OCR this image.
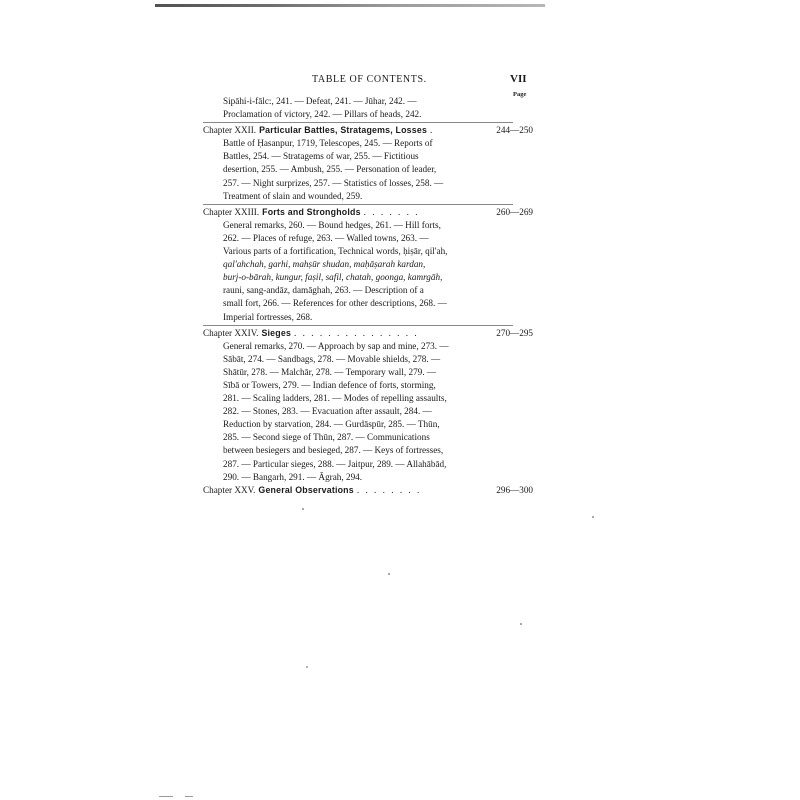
TABLE OF CONTENTS.	VII
Page
Sipāhi-i-fālc:, 241. — Defeat, 241. — Jūhar, 242. —
Proclamation of victory, 242. — Pillars of heads, 242.
Chapter XXII. Particular Battles, Stratagems, Losses .	244—250
Battle of Ḥasanpur, 1719, Telescopes, 245. — Reports of
Battles, 254. — Stratagems of war, 255. — Fictitious
desertion, 255. — Ambush, 255. — Personation of leader,
257. — Night surprizes, 257. — Statistics of losses, 258. —
Treatment of slain and wounded, 259.
Chapter XXIII. Forts and Strongholds . . . . . . .	260—269
General remarks, 260. — Bound hedges, 261. — Hill forts,
262. — Places of refuge, 263. — Walled towns, 263. —
Various parts of a fortification, Technical words, ḥiṣār, qil'ah,
qal'ahchah, garhi, mahṣūr shudan, maḥāṣarah kardan,
burj-o-bārah, kungur, faṣil, safil, chatah, goonga, kamrgāh,
rauni, sang-andāz, damāghah, 263. — Description of a
small fort, 266. — References for other descriptions, 268. —
Imperial fortresses, 268.
Chapter XXIV. Sieges . . . . . . . . . . . . . . .	270—295
General remarks, 270. — Approach by sap and mine, 273. —
Sābāt, 274. — Sandbags, 278. — Movable shields, 278. —
Shātūr, 278. — Malchār, 278. — Temporary wall, 279. —
Sībā or Towers, 279. — Indian defence of forts, storming,
281. — Scaling ladders, 281. — Modes of repelling assaults,
282. — Stones, 283. — Evacuation after assault, 284. —
Reduction by starvation, 284. — Gurdāspūr, 285. — Thūn,
285. — Second siege of Thūn, 287. — Communications
between besiegers and besieged, 287. — Keys of fortresses,
287. — Particular sieges, 288. — Jaitpur, 289. — Allahābād,
290. — Bangarh, 291. — Āgrah, 294.
Chapter XXV. General Observations . . . . . . . .	296—300
